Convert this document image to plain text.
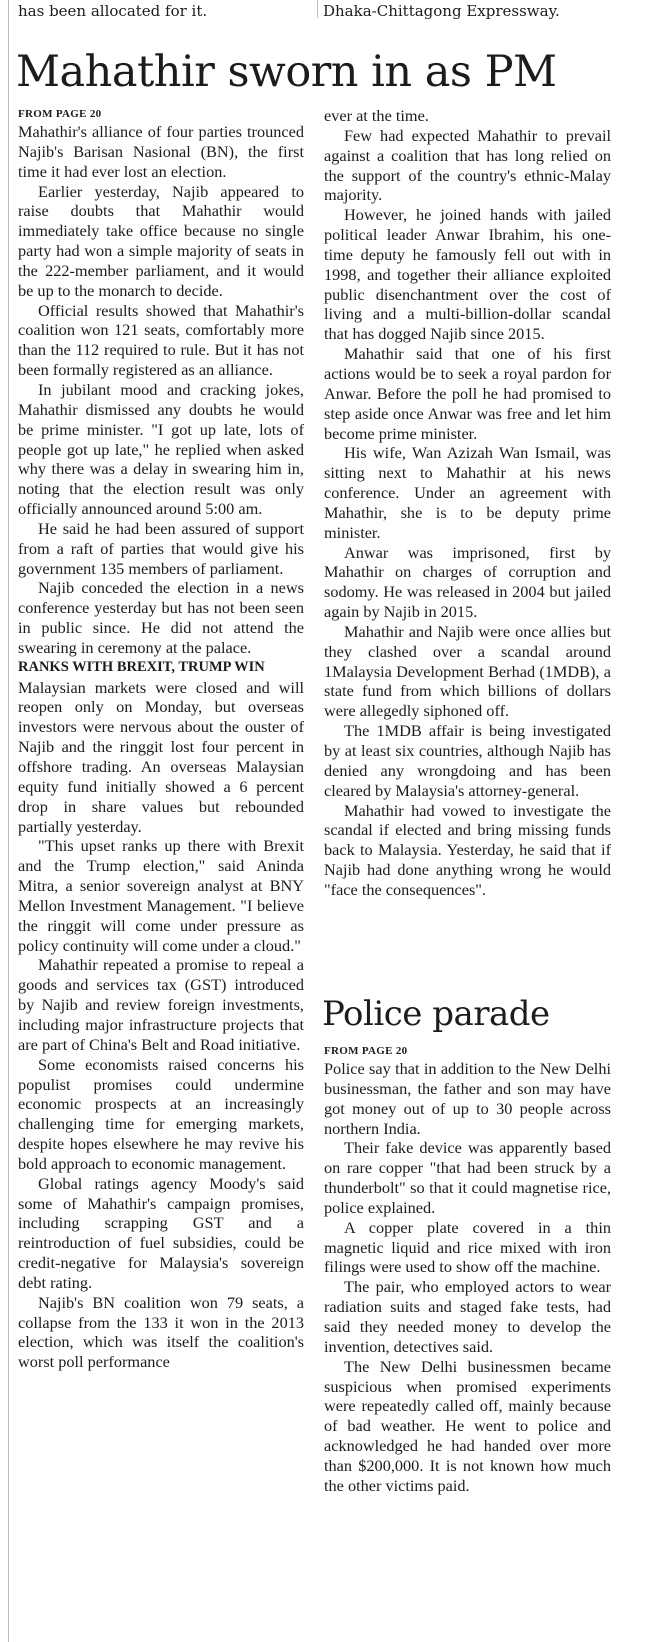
has been allocated for it.	Dhaka-Chittagong Expressway.
Mahathir sworn in as PM
FROM PAGE 20

Mahathir's alliance of four parties trounced Najib's Barisan Nasional (BN), the first time it had ever lost an election.

Earlier yesterday, Najib appeared to raise doubts that Mahathir would immediately take office because no single party had won a simple majority of seats in the 222-member parliament, and it would be up to the monarch to decide.

Official results showed that Mahathir's coalition won 121 seats, comfortably more than the 112 required to rule. But it has not been formally registered as an alliance.

In jubilant mood and cracking jokes, Mahathir dismissed any doubts he would be prime minister. "I got up late, lots of people got up late," he replied when asked why there was a delay in swearing him in, noting that the election result was only officially announced around 5:00 am.

He said he had been assured of support from a raft of parties that would give his government 135 members of parliament.

Najib conceded the election in a news conference yesterday but has not been seen in public since. He did not attend the swearing in ceremony at the palace.

RANKS WITH BREXIT, TRUMP WIN

Malaysian markets were closed and will reopen only on Monday, but overseas investors were nervous about the ouster of Najib and the ringgit lost four percent in offshore trading. An overseas Malaysian equity fund initially showed a 6 percent drop in share values but rebounded partially yesterday.

"This upset ranks up there with Brexit and the Trump election," said Aninda Mitra, a senior sovereign analyst at BNY Mellon Investment Management. "I believe the ringgit will come under pressure as policy continuity will come under a cloud."

Mahathir repeated a promise to repeal a goods and services tax (GST) introduced by Najib and review foreign investments, including major infrastructure projects that are part of China's Belt and Road initiative.

Some economists raised concerns his populist promises could undermine economic prospects at an increasingly challenging time for emerging markets, despite hopes elsewhere he may revive his bold approach to economic management.

Global ratings agency Moody's said some of Mahathir's campaign promises, including scrapping GST and a reintroduction of fuel subsidies, could be credit-negative for Malaysia's sovereign debt rating.

Najib's BN coalition won 79 seats, a collapse from the 133 it won in the 2013 election, which was itself the coalition's worst poll performance

ever at the time.

Few had expected Mahathir to prevail against a coalition that has long relied on the support of the country's ethnic-Malay majority.

However, he joined hands with jailed political leader Anwar Ibrahim, his one-time deputy he famously fell out with in 1998, and together their alliance exploited public disenchantment over the cost of living and a multi-billion-dollar scandal that has dogged Najib since 2015.

Mahathir said that one of his first actions would be to seek a royal pardon for Anwar. Before the poll he had promised to step aside once Anwar was free and let him become prime minister.

His wife, Wan Azizah Wan Ismail, was sitting next to Mahathir at his news conference. Under an agreement with Mahathir, she is to be deputy prime minister.

Anwar was imprisoned, first by Mahathir on charges of corruption and sodomy. He was released in 2004 but jailed again by Najib in 2015.

Mahathir and Najib were once allies but they clashed over a scandal around 1Malaysia Development Berhad (1MDB), a state fund from which billions of dollars were allegedly siphoned off.

The 1MDB affair is being investigated by at least six countries, although Najib has denied any wrongdoing and has been cleared by Malaysia's attorney-general.

Mahathir had vowed to investigate the scandal if elected and bring missing funds back to Malaysia. Yesterday, he said that if Najib had done anything wrong he would "face the consequences".

Police parade
FROM PAGE 20

Police say that in addition to the New Delhi businessman, the father and son may have got money out of up to 30 people across northern India.

Their fake device was apparently based on rare copper "that had been struck by a thunderbolt" so that it could magnetise rice, police explained.

A copper plate covered in a thin magnetic liquid and rice mixed with iron filings were used to show off the machine.

The pair, who employed actors to wear radiation suits and staged fake tests, had said they needed money to develop the invention, detectives said.

The New Delhi businessmen became suspicious when promised experiments were repeatedly called off, mainly because of bad weather. He went to police and acknowledged he had handed over more than $200,000. It is not known how much the other victims paid.
